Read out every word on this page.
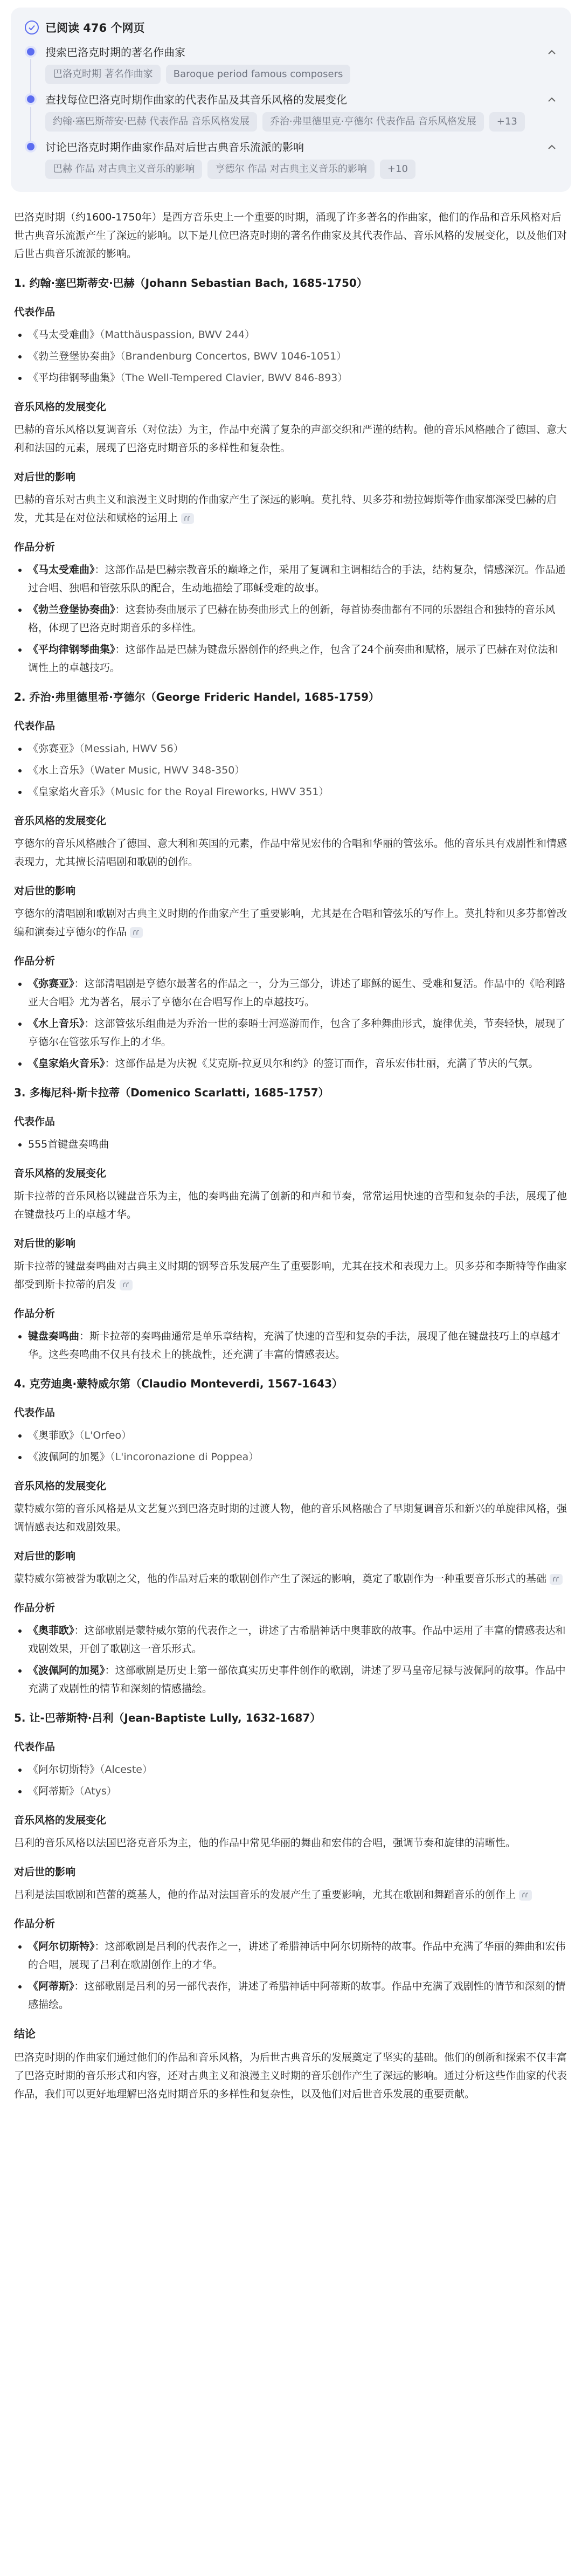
已阅读 476 个网页
搜索巴洛克时期的著名作曲家
巴洛克时期 著名作曲家	Baroque period famous composers
查找每位巴洛克时期作曲家的代表作品及其音乐风格的发展变化
约翰·塞巴斯蒂安·巴赫 代表作品 音乐风格发展	乔治·弗里德里克·亨德尔 代表作品 音乐风格发展	+13
讨论巴洛克时期作曲家作品对后世古典音乐流派的影响
巴赫 作品 对古典主义音乐的影响	亨德尔 作品 对古典主义音乐的影响	+10

巴洛克时期（约1600-1750年）是西方音乐史上一个重要的时期，涌现了许多著名的作曲家，他们的作品和音乐风格对后世古典音乐流派产生了深远的影响。以下是几位巴洛克时期的著名作曲家及其代表作品、音乐风格的发展变化，以及他们对后世古典音乐流派的影响。

1. 约翰·塞巴斯蒂安·巴赫（Johann Sebastian Bach, 1685-1750）
代表作品
• 《马太受难曲》（Matthäuspassion, BWV 244）
• 《勃兰登堡协奏曲》（Brandenburg Concertos, BWV 1046-1051）
• 《平均律钢琴曲集》（The Well-Tempered Clavier, BWV 846-893）
音乐风格的发展变化

巴赫的音乐风格以复调音乐（对位法）为主，作品中充满了复杂的声部交织和严谨的结构。他的音乐风格融合了德国、意大利和法国的元素，展现了巴洛克时期音乐的多样性和复杂性。

对后世的影响

巴赫的音乐对古典主义和浪漫主义时期的作曲家产生了深远的影响。莫扎特、贝多芬和勃拉姆斯等作曲家都深受巴赫的启发，尤其是在对位法和赋格的运用上

作品分析
• 《马太受难曲》：这部作品是巴赫宗教音乐的巅峰之作，采用了复调和主调相结合的手法，结构复杂，情感深沉。作品通过合唱、独唱和管弦乐队的配合，生动地描绘了耶稣受难的故事。
• 《勃兰登堡协奏曲》：这套协奏曲展示了巴赫在协奏曲形式上的创新，每首协奏曲都有不同的乐器组合和独特的音乐风格，体现了巴洛克时期音乐的多样性。
• 《平均律钢琴曲集》：这部作品是巴赫为键盘乐器创作的经典之作，包含了24个前奏曲和赋格，展示了巴赫在对位法和调性上的卓越技巧。
2. 乔治·弗里德里希·亨德尔（George Frideric Handel, 1685-1759）
代表作品
• 《弥赛亚》（Messiah, HWV 56）
• 《水上音乐》（Water Music, HWV 348-350）
• 《皇家焰火音乐》（Music for the Royal Fireworks, HWV 351）
音乐风格的发展变化

亨德尔的音乐风格融合了德国、意大利和英国的元素，作品中常见宏伟的合唱和华丽的管弦乐。他的音乐具有戏剧性和情感表现力，尤其擅长清唱剧和歌剧的创作。

对后世的影响

亨德尔的清唱剧和歌剧对古典主义时期的作曲家产生了重要影响，尤其是在合唱和管弦乐的写作上。莫扎特和贝多芬都曾改编和演奏过亨德尔的作品

作品分析
• 《弥赛亚》：这部清唱剧是亨德尔最著名的作品之一，分为三部分，讲述了耶稣的诞生、受难和复活。作品中的《哈利路亚大合唱》尤为著名，展示了亨德尔在合唱写作上的卓越技巧。
• 《水上音乐》：这部管弦乐组曲是为乔治一世的泰晤士河巡游而作，包含了多种舞曲形式，旋律优美，节奏轻快，展现了亨德尔在管弦乐写作上的才华。
• 《皇家焰火音乐》：这部作品是为庆祝《艾克斯-拉夏贝尔和约》的签订而作，音乐宏伟壮丽，充满了节庆的气氛。
3. 多梅尼科·斯卡拉蒂（Domenico Scarlatti, 1685-1757）
代表作品
• 555首键盘奏鸣曲
音乐风格的发展变化

斯卡拉蒂的音乐风格以键盘音乐为主，他的奏鸣曲充满了创新的和声和节奏，常常运用快速的音型和复杂的手法，展现了他在键盘技巧上的卓越才华。

对后世的影响

斯卡拉蒂的键盘奏鸣曲对古典主义时期的钢琴音乐发展产生了重要影响，尤其在技术和表现力上。贝多芬和李斯特等作曲家都受到斯卡拉蒂的启发

作品分析
• 键盘奏鸣曲：斯卡拉蒂的奏鸣曲通常是单乐章结构，充满了快速的音型和复杂的手法，展现了他在键盘技巧上的卓越才华。这些奏鸣曲不仅具有技术上的挑战性，还充满了丰富的情感表达。
4. 克劳迪奥·蒙特威尔第（Claudio Monteverdi, 1567-1643）
代表作品
• 《奥菲欧》（L'Orfeo）
• 《波佩阿的加冕》（L'incoronazione di Poppea）
音乐风格的发展变化

蒙特威尔第的音乐风格是从文艺复兴到巴洛克时期的过渡人物，他的音乐风格融合了早期复调音乐和新兴的单旋律风格，强调情感表达和戏剧效果。

对后世的影响

蒙特威尔第被誉为歌剧之父，他的作品对后来的歌剧创作产生了深远的影响，奠定了歌剧作为一种重要音乐形式的基础

作品分析
• 《奥菲欧》：这部歌剧是蒙特威尔第的代表作之一，讲述了古希腊神话中奥菲欧的故事。作品中运用了丰富的情感表达和戏剧效果，开创了歌剧这一音乐形式。
• 《波佩阿的加冕》：这部歌剧是历史上第一部依真实历史事件创作的歌剧，讲述了罗马皇帝尼禄与波佩阿的故事。作品中充满了戏剧性的情节和深刻的情感描绘。
5. 让-巴蒂斯特·吕利（Jean-Baptiste Lully, 1632-1687）
代表作品
• 《阿尔切斯特》（Alceste）
• 《阿蒂斯》（Atys）
音乐风格的发展变化

吕利的音乐风格以法国巴洛克音乐为主，他的作品中常见华丽的舞曲和宏伟的合唱，强调节奏和旋律的清晰性。

对后世的影响

吕利是法国歌剧和芭蕾的奠基人，他的作品对法国音乐的发展产生了重要影响，尤其在歌剧和舞蹈音乐的创作上

作品分析
• 《阿尔切斯特》：这部歌剧是吕利的代表作之一，讲述了希腊神话中阿尔切斯特的故事。作品中充满了华丽的舞曲和宏伟的合唱，展现了吕利在歌剧创作上的才华。
• 《阿蒂斯》：这部歌剧是吕利的另一部代表作，讲述了希腊神话中阿蒂斯的故事。作品中充满了戏剧性的情节和深刻的情感描绘。
结论

巴洛克时期的作曲家们通过他们的作品和音乐风格，为后世古典音乐的发展奠定了坚实的基础。他们的创新和探索不仅丰富了巴洛克时期的音乐形式和内容，还对古典主义和浪漫主义时期的音乐创作产生了深远的影响。通过分析这些作曲家的代表作品，我们可以更好地理解巴洛克时期音乐的多样性和复杂性，以及他们对后世音乐发展的重要贡献。
